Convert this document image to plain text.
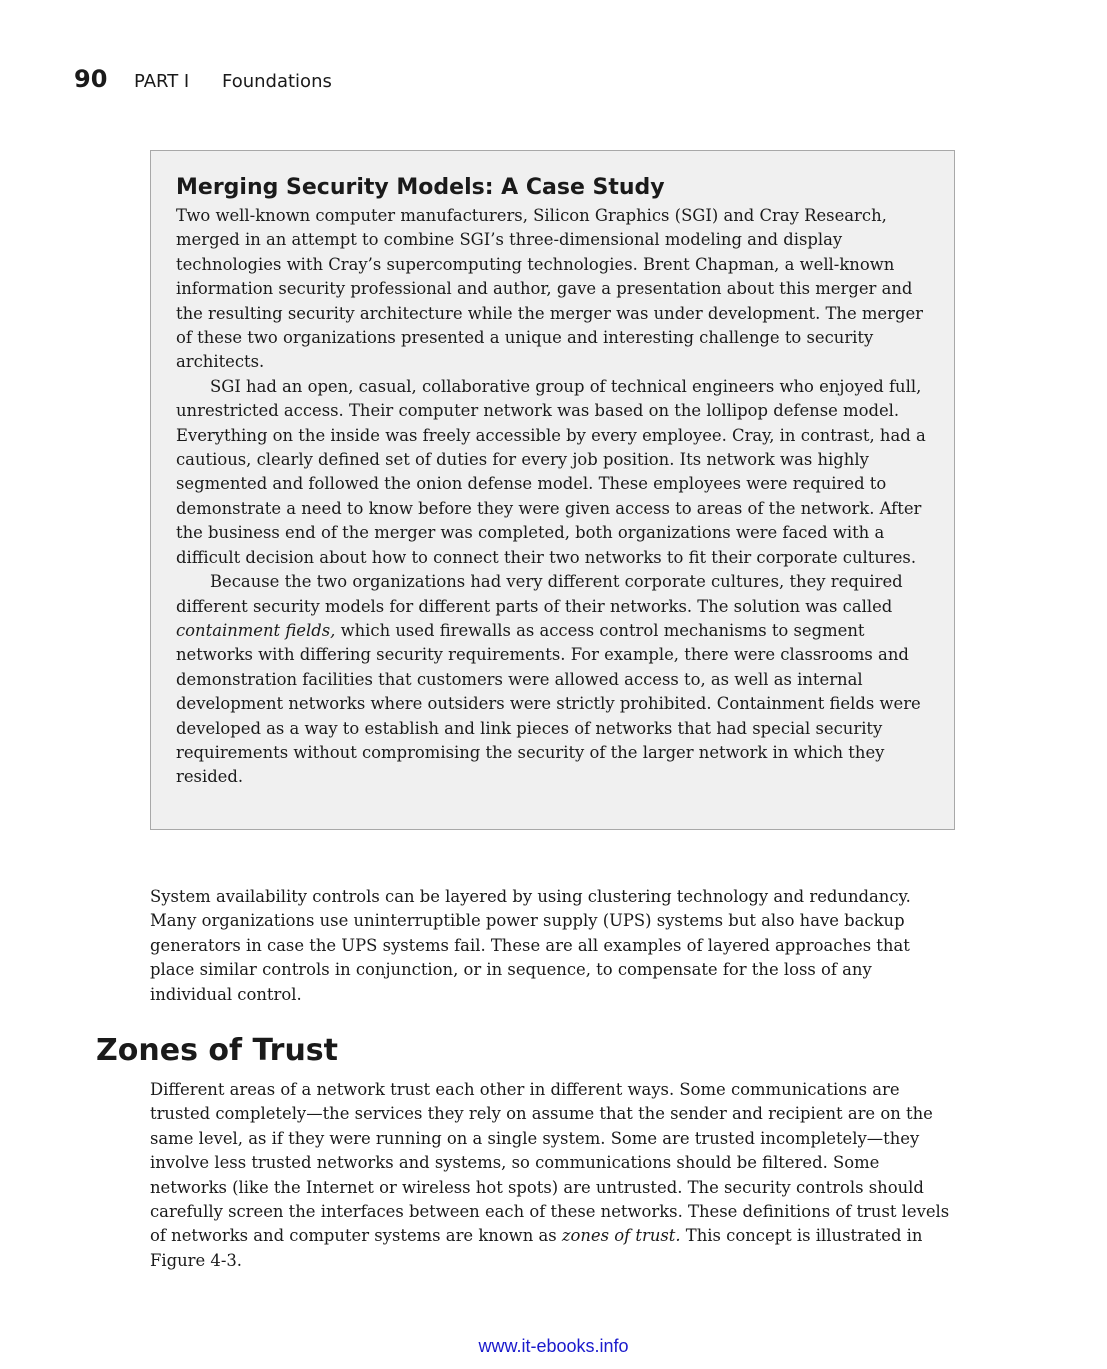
90 PART I Foundations
Merging Security Models: A Case Study

Two well-known computer manufacturers, Silicon Graphics (SGI) and Cray Research, merged in an attempt to combine SGI’s three-dimensional modeling and display technologies with Cray’s supercomputing technologies. Brent Chapman, a well-known information security professional and author, gave a presentation about this merger and the resulting security architecture while the merger was under development. The merger of these two organizations presented a unique and interesting challenge to security architects.

SGI had an open, casual, collaborative group of technical engineers who enjoyed full, unrestricted access. Their computer network was based on the lollipop defense model. Everything on the inside was freely accessible by every employee. Cray, in contrast, had a cautious, clearly defined set of duties for every job position. Its network was highly segmented and followed the onion defense model. These employees were required to demonstrate a need to know before they were given access to areas of the network. After the business end of the merger was completed, both organizations were faced with a difficult decision about how to connect their two networks to fit their corporate cultures.

Because the two organizations had very different corporate cultures, they required different security models for different parts of their networks. The solution was called containment fields, which used firewalls as access control mechanisms to segment networks with differing security requirements. For example, there were classrooms and demonstration facilities that customers were allowed access to, as well as internal development networks where outsiders were strictly prohibited. Containment fields were developed as a way to establish and link pieces of networks that had special security requirements without compromising the security of the larger network in which they resided.

System availability controls can be layered by using clustering technology and redundancy. Many organizations use uninterruptible power supply (UPS) systems but also have backup generators in case the UPS systems fail. These are all examples of layered approaches that place similar controls in conjunction, or in sequence, to compensate for the loss of any individual control.

Zones of Trust

Different areas of a network trust each other in different ways. Some communications are trusted completely—the services they rely on assume that the sender and recipient are on the same level, as if they were running on a single system. Some are trusted incompletely—they involve less trusted networks and systems, so communications should be filtered. Some networks (like the Internet or wireless hot spots) are untrusted. The security controls should carefully screen the interfaces between each of these networks. These definitions of trust levels of networks and computer systems are known as zones of trust. This concept is illustrated in Figure 4-3.

www.it-ebooks.info
